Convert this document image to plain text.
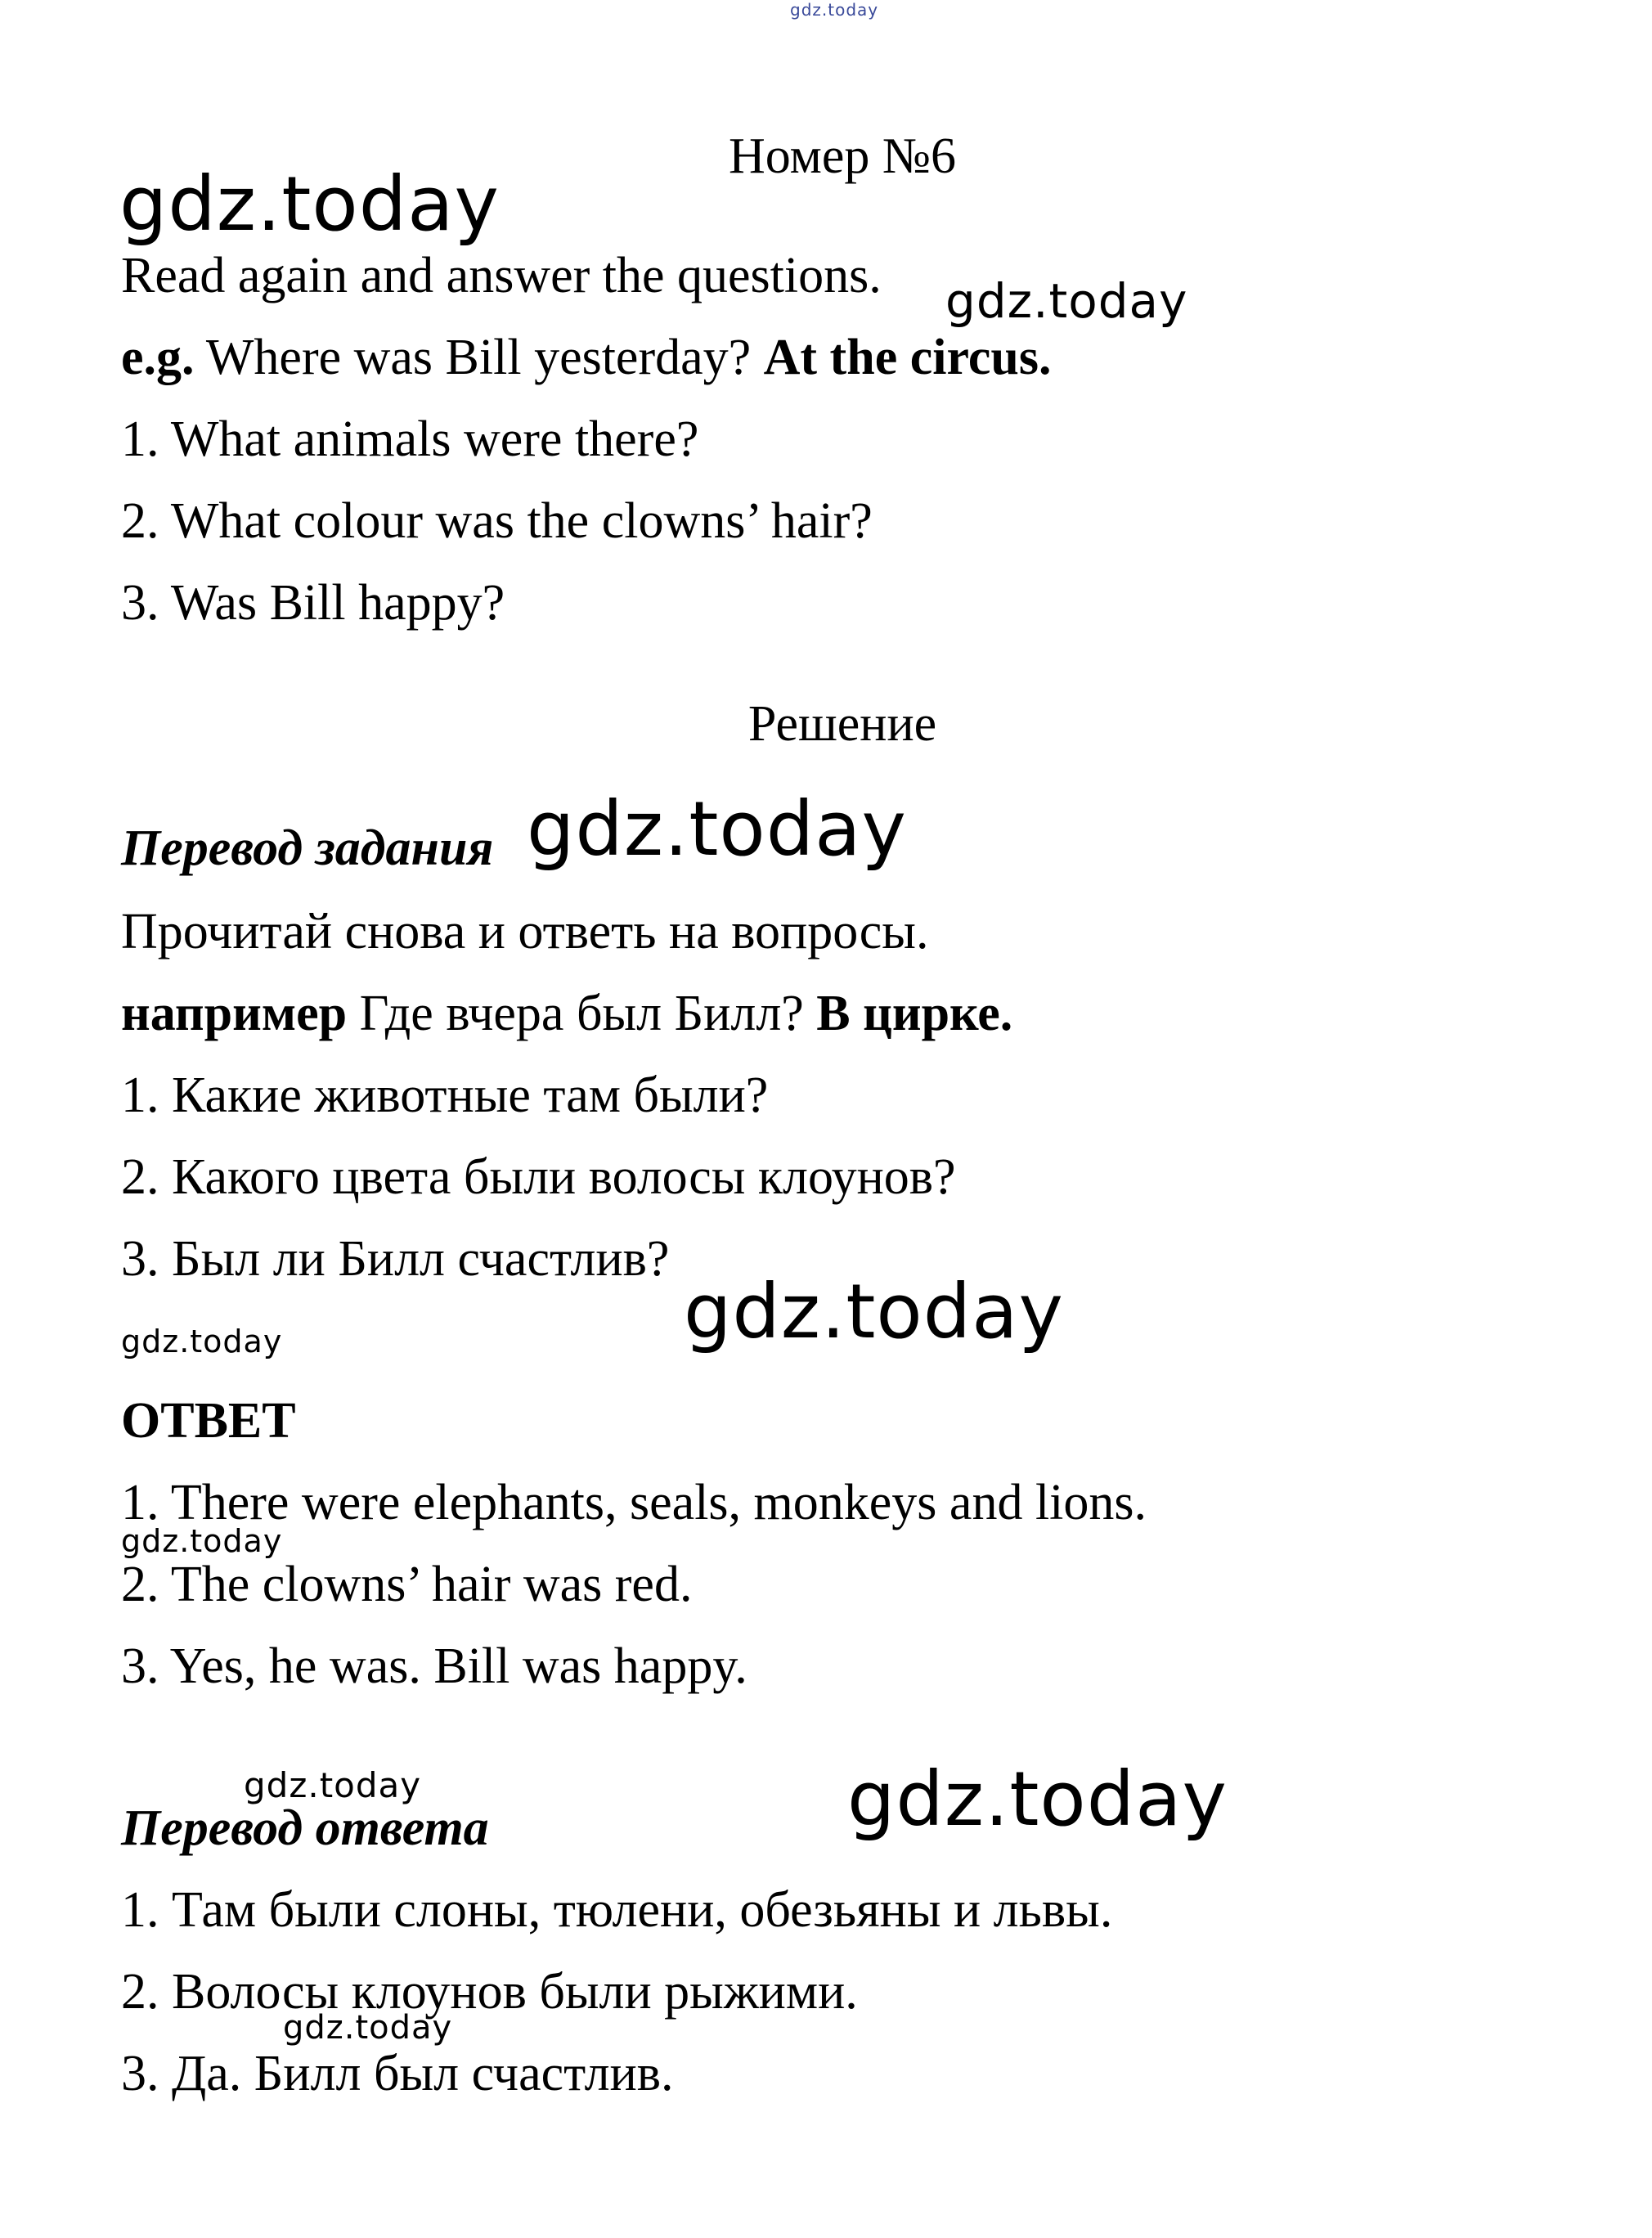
gdz.today
gdz.today
gdz.today
gdz.today
gdz.today	gdz.today
gdz.today
gdz.today	gdz.today
gdz.today
Номер №6
Read again and answer the questions.
e.g. Where was Bill yesterday? At the circus.
1. What animals were there?
2. What colour was the clowns’ hair?
3. Was Bill happy?
Решение
Перевод задания
Прочитай снова и ответь на вопросы.
например Где вчера был Билл? В цирке.
1. Какие животные там были?
2. Какого цвета были волосы клоунов?
3. Был ли Билл счастлив?
ОТВЕТ
1. There were elephants, seals, monkeys and lions.
2. The clowns’ hair was red.
3. Yes, he was. Bill was happy.
Перевод ответа
1. Там были слоны, тюлени, обезьяны и львы.
2. Волосы клоунов были рыжими.
3. Да. Билл был счастлив.
